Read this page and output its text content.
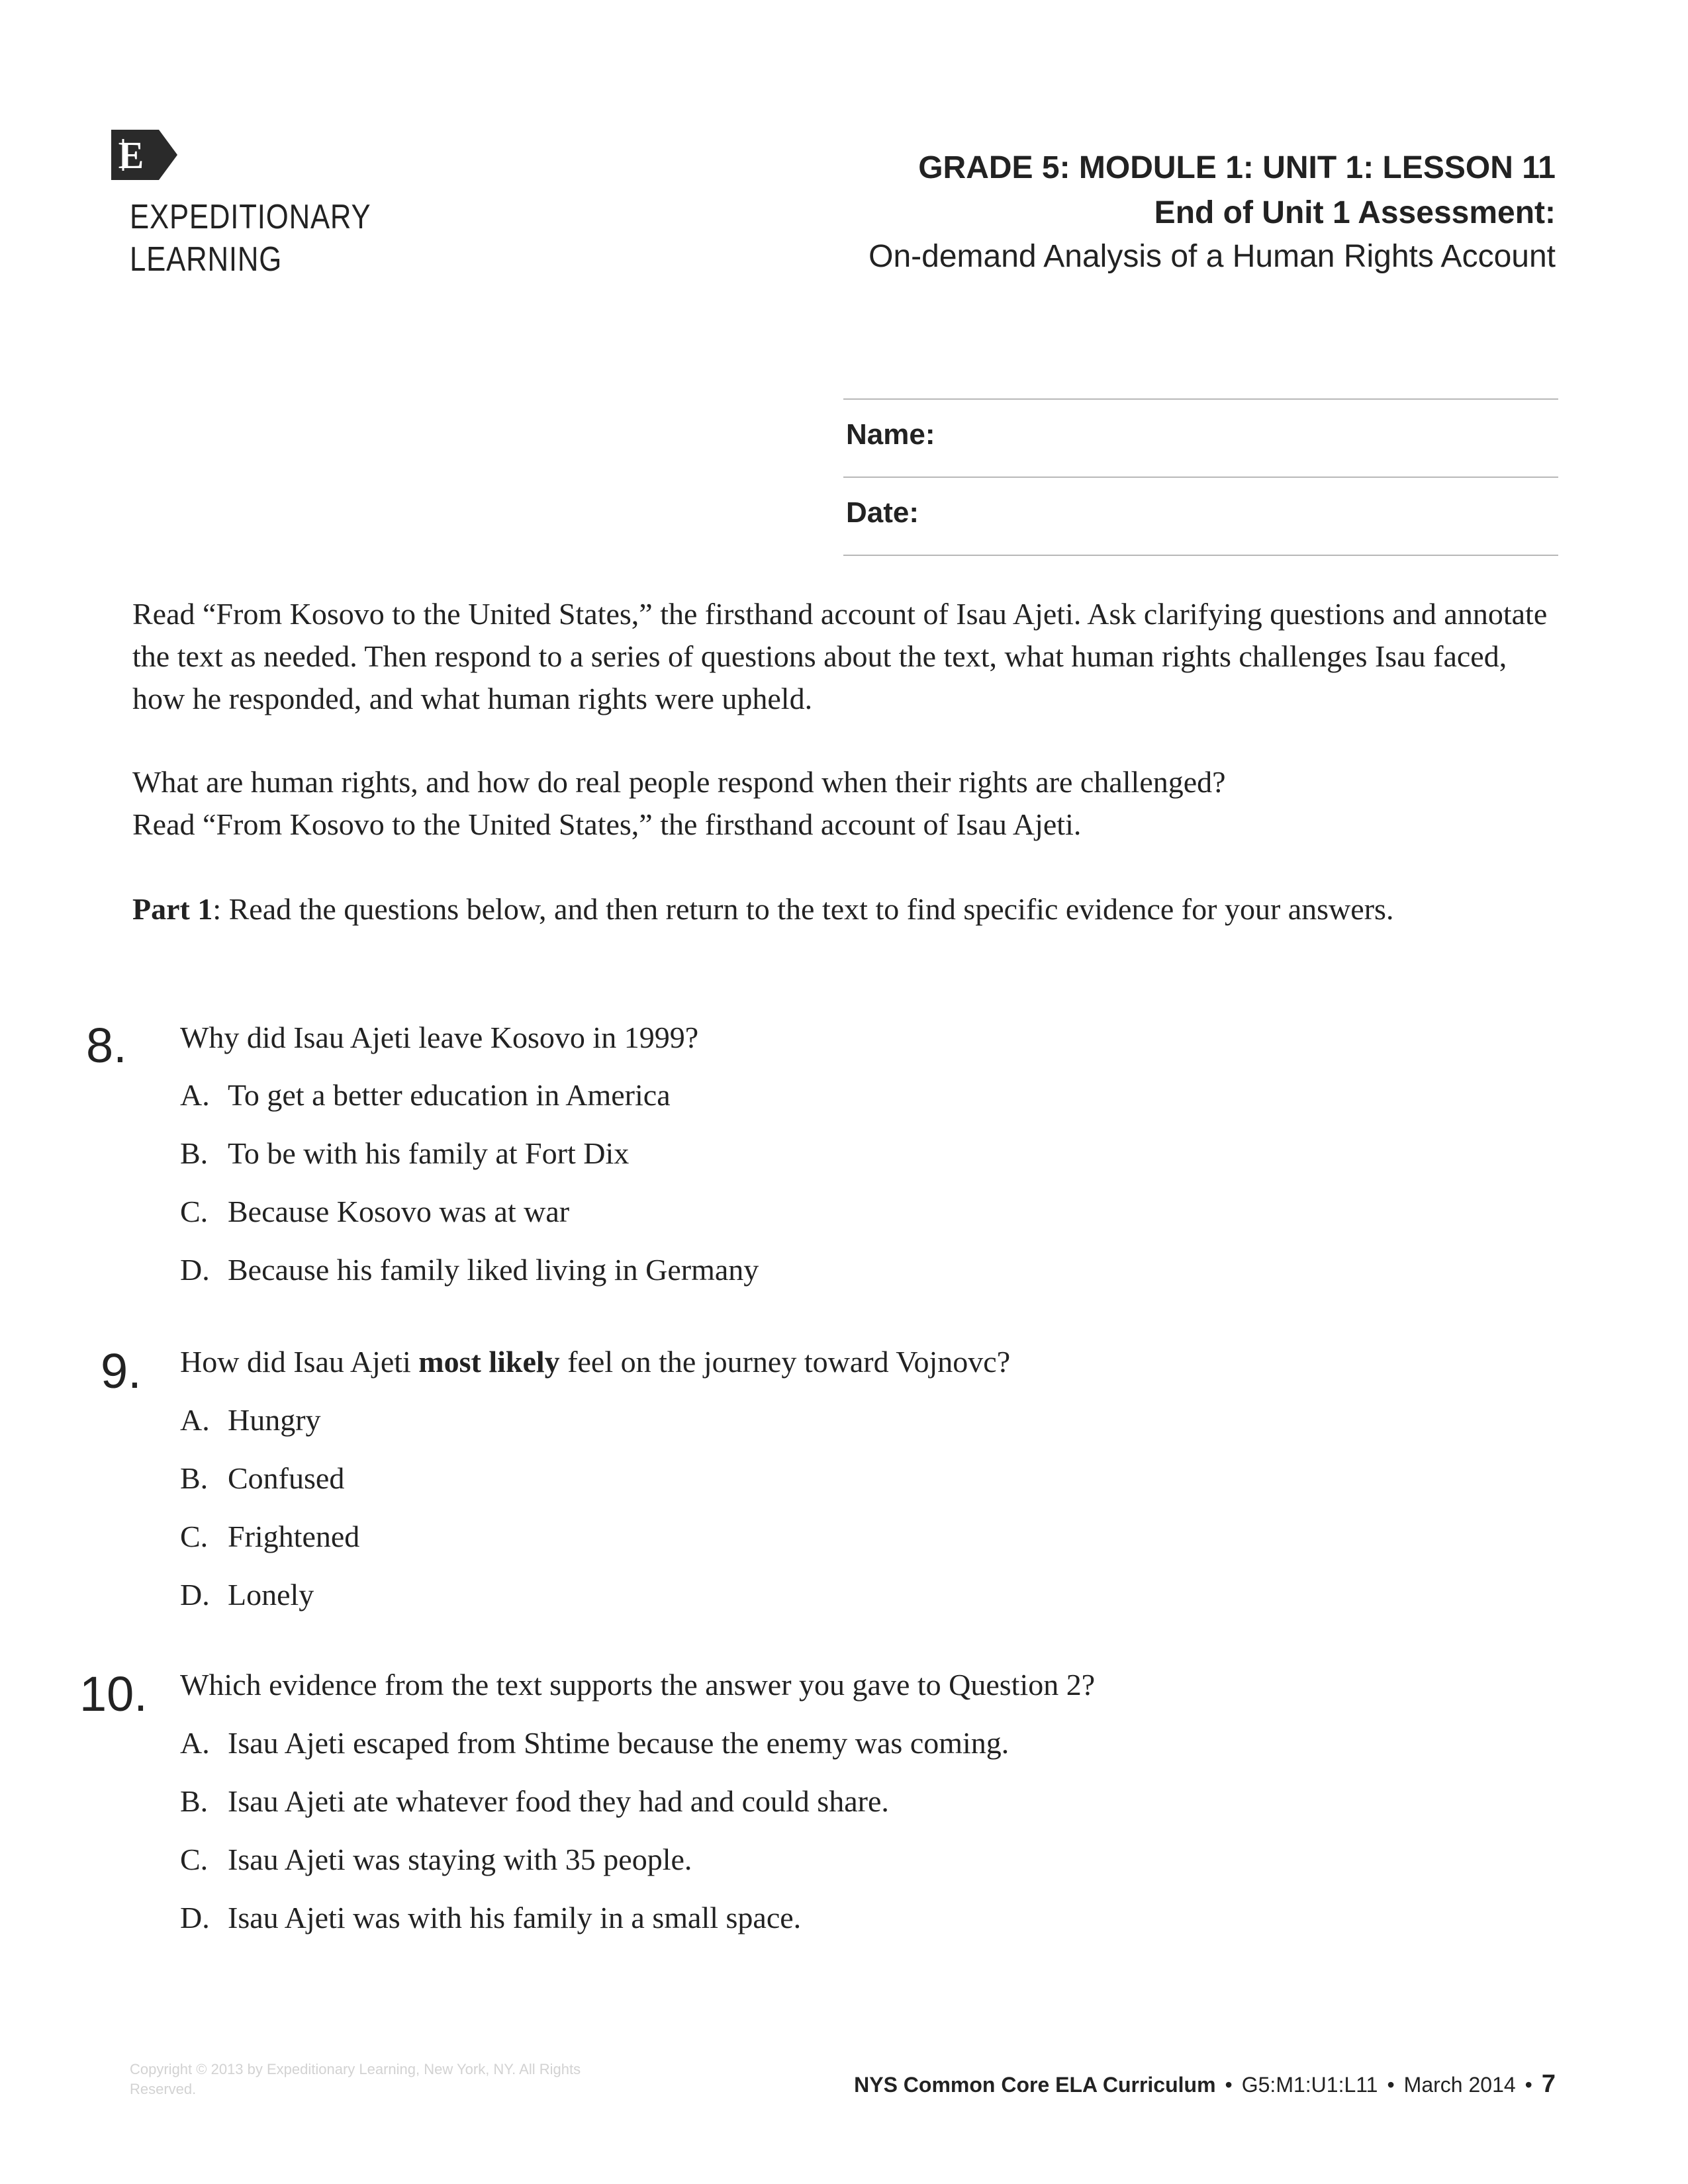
E
EXPEDITIONARY
LEARNING
GRADE 5: MODULE 1: UNIT 1: LESSON 11
End of Unit 1 Assessment:
On-demand Analysis of a Human Rights Account
Name:
Date:
Read “From Kosovo to the United States,” the firsthand account of Isau Ajeti. Ask clarifying questions and annotate the text as needed. Then respond to a series of questions about the text, what human rights challenges Isau faced, how he responded, and what human rights were upheld.
What are human rights, and how do real people respond when their rights are challenged?
Read “From Kosovo to the United States,” the firsthand account of Isau Ajeti.
Part 1: Read the questions below, and then return to the text to find specific evidence for your answers.
8. Why did Isau Ajeti leave Kosovo in 1999?
A. To get a better education in America
B. To be with his family at Fort Dix
C. Because Kosovo was at war
D. Because his family liked living in Germany
9. How did Isau Ajeti most likely feel on the journey toward Vojnovc?
A. Hungry
B. Confused
C. Frightened
D. Lonely
10. Which evidence from the text supports the answer you gave to Question 2?
A. Isau Ajeti escaped from Shtime because the enemy was coming.
B. Isau Ajeti ate whatever food they had and could share.
C. Isau Ajeti was staying with 35 people.
D. Isau Ajeti was with his family in a small space.
Copyright © 2013 by Expeditionary Learning, New York, NY. All Rights Reserved.	NYS Common Core ELA Curriculum • G5:M1:U1:L11 • March 2014 • 7
